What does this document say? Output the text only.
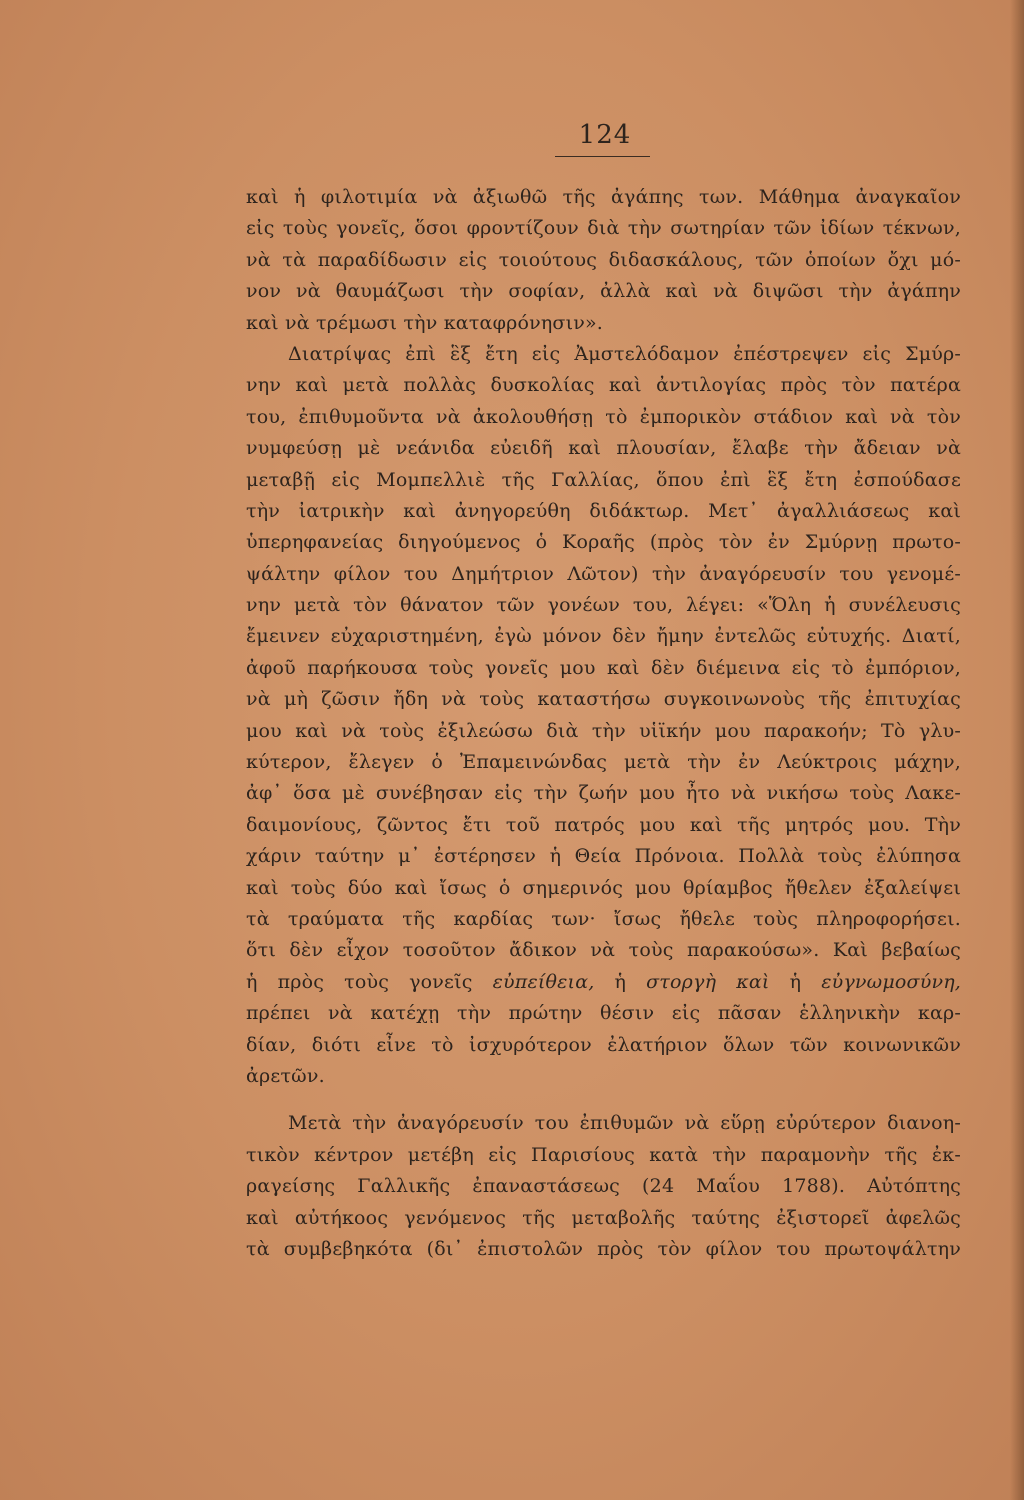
124
καὶ ἡ φιλοτιμία νὰ ἀξιωθῶ τῆς ἀγάπης των. Μάθημα ἀναγκαῖον
εἰς τοὺς γονεῖς, ὅσοι φροντίζουν διὰ τὴν σωτηρίαν τῶν ἰδίων τέκνων,
νὰ τὰ παραδίδωσιν εἰς τοιούτους διδασκάλους, τῶν ὁποίων ὄχι μό-
νον νὰ θαυμάζωσι τὴν σοφίαν, ἀλλὰ καὶ νὰ διψῶσι τὴν ἀγάπην
καὶ νὰ τρέμωσι τὴν καταφρόνησιν».
Διατρίψας ἐπὶ ἓξ ἔτη εἰς Ἀμστελόδαμον ἐπέστρεψεν εἰς Σμύρ-
νην καὶ μετὰ πολλὰς δυσκολίας καὶ ἀντιλογίας πρὸς τὸν πατέρα
του, ἐπιθυμοῦντα νὰ ἀκολουθήσῃ τὸ ἐμπορικὸν στάδιον καὶ νὰ τὸν
νυμφεύσῃ μὲ νεάνιδα εὐειδῆ καὶ πλουσίαν, ἔλαβε τὴν ἄδειαν νὰ
μεταβῇ εἰς Μομπελλιὲ τῆς Γαλλίας, ὅπου ἐπὶ ἓξ ἔτη ἐσπούδασε
τὴν ἰατρικὴν καὶ ἀνηγορεύθη διδάκτωρ. Μετ᾽ ἀγαλλιάσεως καὶ
ὑπερηφανείας διηγούμενος ὁ Κοραῆς (πρὸς τὸν ἐν Σμύρνῃ πρωτο-
ψάλτην φίλον του Δημήτριον Λῶτον) τὴν ἀναγόρευσίν του γενομέ-
νην μετὰ τὸν θάνατον τῶν γονέων του, λέγει: «Ὅλη ἡ συνέλευσις
ἔμεινεν εὐχαριστημένη, ἐγὼ μόνον δὲν ἤμην ἐντελῶς εὐτυχής. Διατί,
ἀφοῦ παρήκουσα τοὺς γονεῖς μου καὶ δὲν διέμεινα εἰς τὸ ἐμπόριον,
νὰ μὴ ζῶσιν ἤδη νὰ τοὺς καταστήσω συγκοινωνοὺς τῆς ἐπιτυχίας
μου καὶ νὰ τοὺς ἐξιλεώσω διὰ τὴν υἱϊκήν μου παρακοήν; Τὸ γλυ-
κύτερον, ἔλεγεν ὁ Ἐπαμεινώνδας μετὰ τὴν ἐν Λεύκτροις μάχην,
ἀφ᾽ ὅσα μὲ συνέβησαν εἰς τὴν ζωήν μου ἦτο νὰ νικήσω τοὺς Λακε-
δαιμονίους, ζῶντος ἔτι τοῦ πατρός μου καὶ τῆς μητρός μου. Τὴν
χάριν ταύτην μ᾽ ἐστέρησεν ἡ Θεία Πρόνοια. Πολλὰ τοὺς ἐλύπησα
καὶ τοὺς δύο καὶ ἴσως ὁ σημερινός μου θρίαμβος ἤθελεν ἐξαλείψει
τὰ τραύματα τῆς καρδίας των· ἴσως ἤθελε τοὺς πληροφορήσει.
ὅτι δὲν εἶχον τοσοῦτον ἄδικον νὰ τοὺς παρακούσω». Καὶ βεβαίως
ἡ πρὸς τοὺς γονεῖς εὐπείθεια, ἡ στοργὴ καὶ ἡ εὐγνωμοσύνη,
πρέπει νὰ κατέχῃ τὴν πρώτην θέσιν εἰς πᾶσαν ἑλληνικὴν καρ-
δίαν, διότι εἶνε τὸ ἰσχυρότερον ἐλατήριον ὅλων τῶν κοινωνικῶν
ἀρετῶν.
Μετὰ τὴν ἀναγόρευσίν του ἐπιθυμῶν νὰ εὕρῃ εὐρύτερον διανοη-
τικὸν κέντρον μετέβη εἰς Παρισίους κατὰ τὴν παραμονὴν τῆς ἐκ-
ραγείσης Γαλλικῆς ἐπαναστάσεως (24 Μαΐου 1788). Αὐτόπτης
καὶ αὐτήκοος γενόμενος τῆς μεταβολῆς ταύτης ἐξιστορεῖ ἀφελῶς
τὰ συμβεβηκότα (δι᾽ ἐπιστολῶν πρὸς τὸν φίλον του πρωτοψάλτην
